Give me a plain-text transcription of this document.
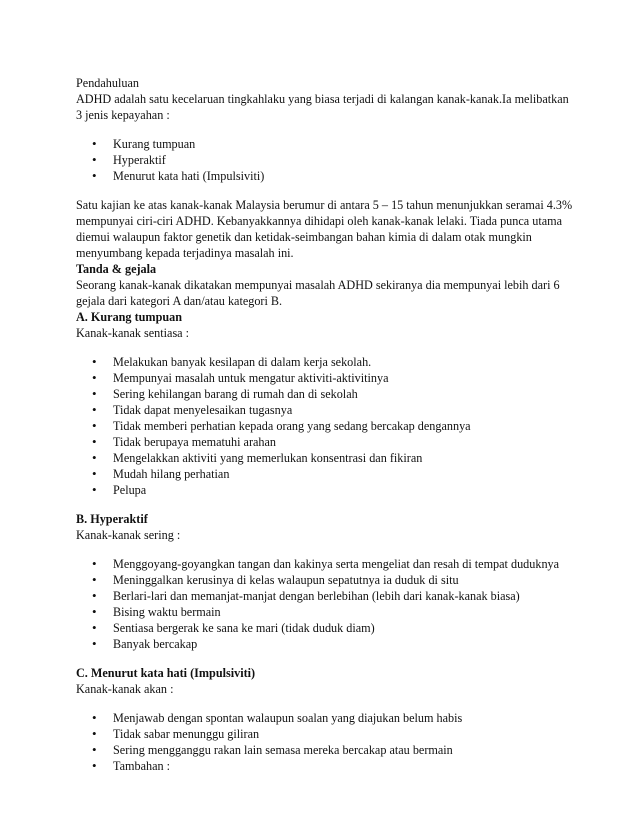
Pendahuluan

ADHD adalah satu kecelaruan tingkahlaku yang biasa terjadi di kalangan kanak-kanak.Ia melibatkan 3 jenis kepayahan :

• Kurang tumpuan
• Hyperaktif
• Menurut kata hati (Impulsiviti)

Satu kajian ke atas kanak-kanak Malaysia berumur di antara 5 – 15 tahun menunjukkan seramai 4.3% mempunyai ciri-ciri ADHD. Kebanyakkannya dihidapi oleh kanak-kanak lelaki. Tiada punca utama diemui walaupun faktor genetik dan ketidak-seimbangan bahan kimia di dalam otak mungkin menyumbang kepada terjadinya masalah ini.

Tanda & gejala

Seorang kanak-kanak dikatakan mempunyai masalah ADHD sekiranya dia mempunyai lebih dari 6 gejala dari kategori A dan/atau kategori B.

A. Kurang tumpuan

Kanak-kanak sentiasa :

• Melakukan banyak kesilapan di dalam kerja sekolah.
• Mempunyai masalah untuk mengatur aktiviti-aktivitinya
• Sering kehilangan barang di rumah dan di sekolah
• Tidak dapat menyelesaikan tugasnya
• Tidak memberi perhatian kepada orang yang sedang bercakap dengannya
• Tidak berupaya mematuhi arahan
• Mengelakkan aktiviti yang memerlukan konsentrasi dan fikiran
• Mudah hilang perhatian
• Pelupa

B. Hyperaktif

Kanak-kanak sering :

• Menggoyang-goyangkan tangan dan kakinya serta mengeliat dan resah di tempat duduknya
• Meninggalkan kerusinya di kelas walaupun sepatutnya ia duduk di situ
• Berlari-lari dan memanjat-manjat dengan berlebihan (lebih dari kanak-kanak biasa)
• Bising waktu bermain
• Sentiasa bergerak ke sana ke mari (tidak duduk diam)
• Banyak bercakap

C. Menurut kata hati (Impulsiviti)

Kanak-kanak akan :

• Menjawab dengan spontan walaupun soalan yang diajukan belum habis
• Tidak sabar menunggu giliran
• Sering mengganggu rakan lain semasa mereka bercakap atau bermain
• Tambahan :
